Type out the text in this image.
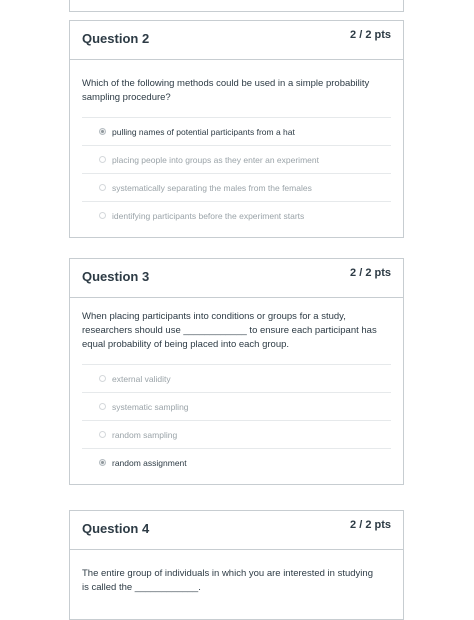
Question 2	2 / 2 pts

Which of the following methods could be used in a simple probability sampling procedure?

pulling names of potential participants from a hat
placing people into groups as they enter an experiment
systematically separating the males from the females
identifying participants before the experiment starts
Question 3	2 / 2 pts

When placing participants into conditions or groups for a study, researchers should use ____________ to ensure each participant has equal probability of being placed into each group.

external validity
systematic sampling
random sampling
random assignment
Question 4	2 / 2 pts

The entire group of individuals in which you are interested in studying is called the ____________.
